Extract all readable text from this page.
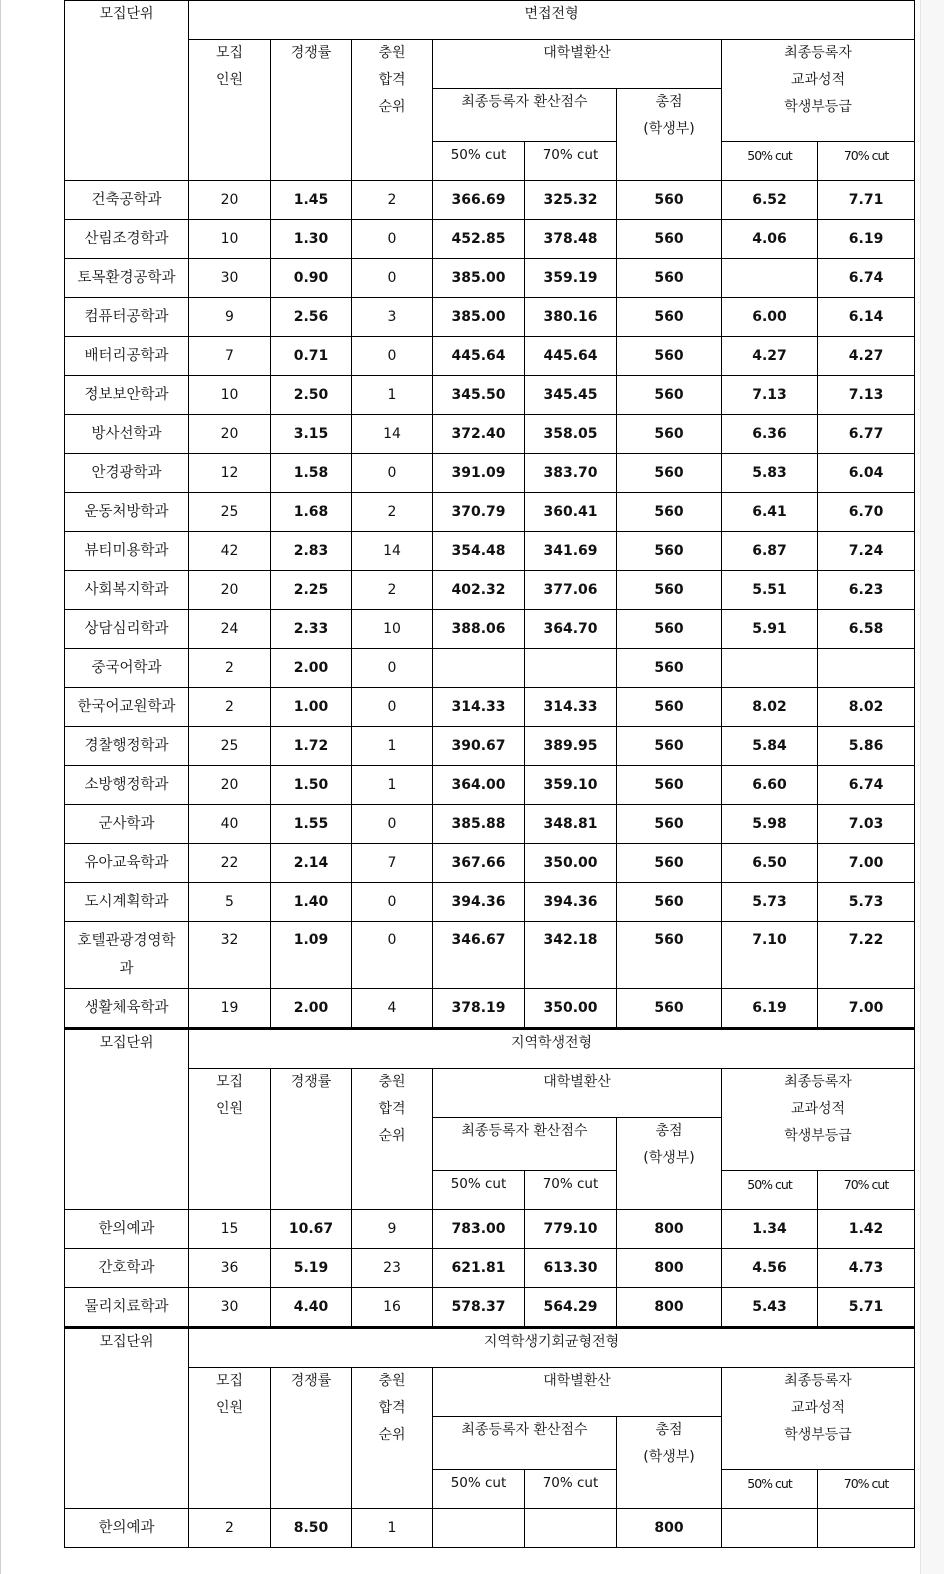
모집단위	면접전형							

모집
인원
	경쟁률	충원
합격
순위
	대학별환산	최종등록자
교과성적
학생부등급

				최종등록자 환산점수		총점
(학생부)		

				50% cut	70% cut		50% cut	70% cut
건축공학과	20	1.45	2	366.69	325.32	560	6.52	7.71
산림조경학과	10	1.30	0	452.85	378.48	560	4.06	6.19
토목환경공학과	30	0.90	0	385.00	359.19	560		6.74
컴퓨터공학과	9	2.56	3	385.00	380.16	560	6.00	6.14
배터리공학과	7	0.71	0	445.64	445.64	560	4.27	4.27
정보보안학과	10	2.50	1	345.50	345.45	560	7.13	7.13
방사선학과	20	3.15	14	372.40	358.05	560	6.36	6.77
안경광학과	12	1.58	0	391.09	383.70	560	5.83	6.04
운동처방학과	25	1.68	2	370.79	360.41	560	6.41	6.70
뷰티미용학과	42	2.83	14	354.48	341.69	560	6.87	7.24
사회복지학과	20	2.25	2	402.32	377.06	560	5.51	6.23
상담심리학과	24	2.33	10	388.06	364.70	560	5.91	6.58
중국어학과	2	2.00	0			560		
한국어교원학과	2	1.00	0	314.33	314.33	560	8.02	8.02
경찰행정학과	25	1.72	1	390.67	389.95	560	5.84	5.86
소방행정학과	20	1.50	1	364.00	359.10	560	6.60	6.74
군사학과	40	1.55	0	385.88	348.81	560	5.98	7.03
유아교육학과	22	2.14	7	367.66	350.00	560	6.50	7.00
도시계획학과	5	1.40	0	394.36	394.36	560	5.73	5.73
호텔관광경영학과	32	1.09	0	346.67	342.18	560	7.10	7.22
생활체육학과	19	2.00	4	378.19	350.00	560	6.19	7.00
모집단위	지역학생전형							

모집
인원
	경쟁률	충원
합격
순위
	대학별환산	최종등록자
교과성적
학생부등급

				최종등록자 환산점수		총점
(학생부)		

				50% cut	70% cut		50% cut	70% cut
한의예과	15	10.67	9	783.00	779.10	800	1.34	1.42
간호학과	36	5.19	23	621.81	613.30	800	4.56	4.73
물리치료학과	30	4.40	16	578.37	564.29	800	5.43	5.71
모집단위	지역학생기회균형전형							

모집
인원
	경쟁률	충원
합격
순위
	대학별환산	최종등록자
교과성적
학생부등급

				최종등록자 환산점수		총점
(학생부)		

				50% cut	70% cut		50% cut	70% cut
한의예과	2	8.50	1			800		
